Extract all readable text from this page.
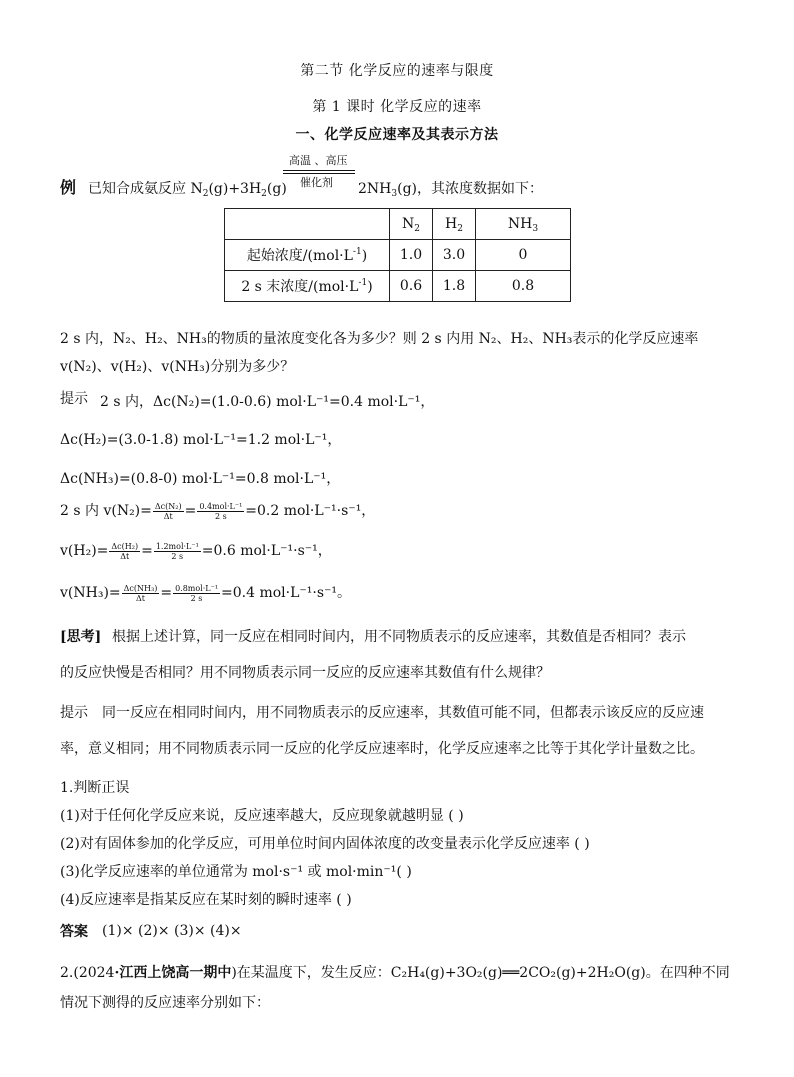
第二节 化学反应的速率与限度
第 1 课时 化学反应的速率
一、化学反应速率及其表示方法
例 已知合成氨反应 $N_2(g)+3H_2(g)$
高温 、高压
催化剂 $2NH_3(g)$，其浓度数据如下：
	$N_2$	$H_2$	$NH_3$
起始浓度$/(mol\cdot L^{-1})$	1.0	3.0	0
2 s 末浓度$/(mol\cdot L^{-1})$	0.6	1.8	0.8
2 s 内，N₂、H₂、NH₃的物质的量浓度变化各为多少？则 2 s 内用 N₂、H₂、NH₃表示的化学反应速率
v(N₂)、v(H₂)、v(NH₃)分别为多少？
提示 2 s 内，Δc(N₂)=(1.0-0.6) mol·L⁻¹=0.4 mol·L⁻¹，
Δc(H₂)=(3.0-1.8) mol·L⁻¹=1.2 mol·L⁻¹，
Δc(NH₃)=(0.8-0) mol·L⁻¹=0.8 mol·L⁻¹，
2 s 内 $v(N_2)= \frac{\text{Δc(N₂)}}{\Delta t} = \frac{\text{0.4mol·L⁻¹}}{2 s} =0.2$ mol·L⁻¹·s⁻¹，
$v(H_2)= \frac{\text{Δc(H₂)}}{\Delta t} = \frac{\text{1.2mol·L⁻¹}}{2 s} =0.6$ mol·L⁻¹·s⁻¹，
$v(NH_3)= \frac{\text{Δc(NH₃)}}{\Delta t} = \frac{\text{0.8mol·L⁻¹}}{2 s} =0.4$ mol·L⁻¹·s⁻¹。
[思考] 根据上述计算，同一反应在相同时间内，用不同物质表示的反应速率，其数值是否相同？表示
的反应快慢是否相同？用不同物质表示同一反应的反应速率其数值有什么规律？
提示 同一反应在相同时间内，用不同物质表示的反应速率，其数值可能不同，但都表示该反应的反应速
率，意义相同；用不同物质表示同一反应的化学反应速率时，化学反应速率之比等于其化学计量数之比。
1.判断正误
(1)对于任何化学反应来说，反应速率越大，反应现象就越明显 ( )
(2)对有固体参加的化学反应，可用单位时间内固体浓度的改变量表示化学反应速率 ( )
(3)化学反应速率的单位通常为 mol·s⁻¹ 或 mol·min⁻¹( )
(4)反应速率是指某反应在某时刻的瞬时速率 ( )
答案 (1)× (2)× (3)× (4)×
2.(2024·江西上饶高一期中)在某温度下，发生反应：C₂H₄(g)+3O₂(g)══2CO₂(g)+2H₂O(g)。在四种不同
情况下测得的反应速率分别如下：
